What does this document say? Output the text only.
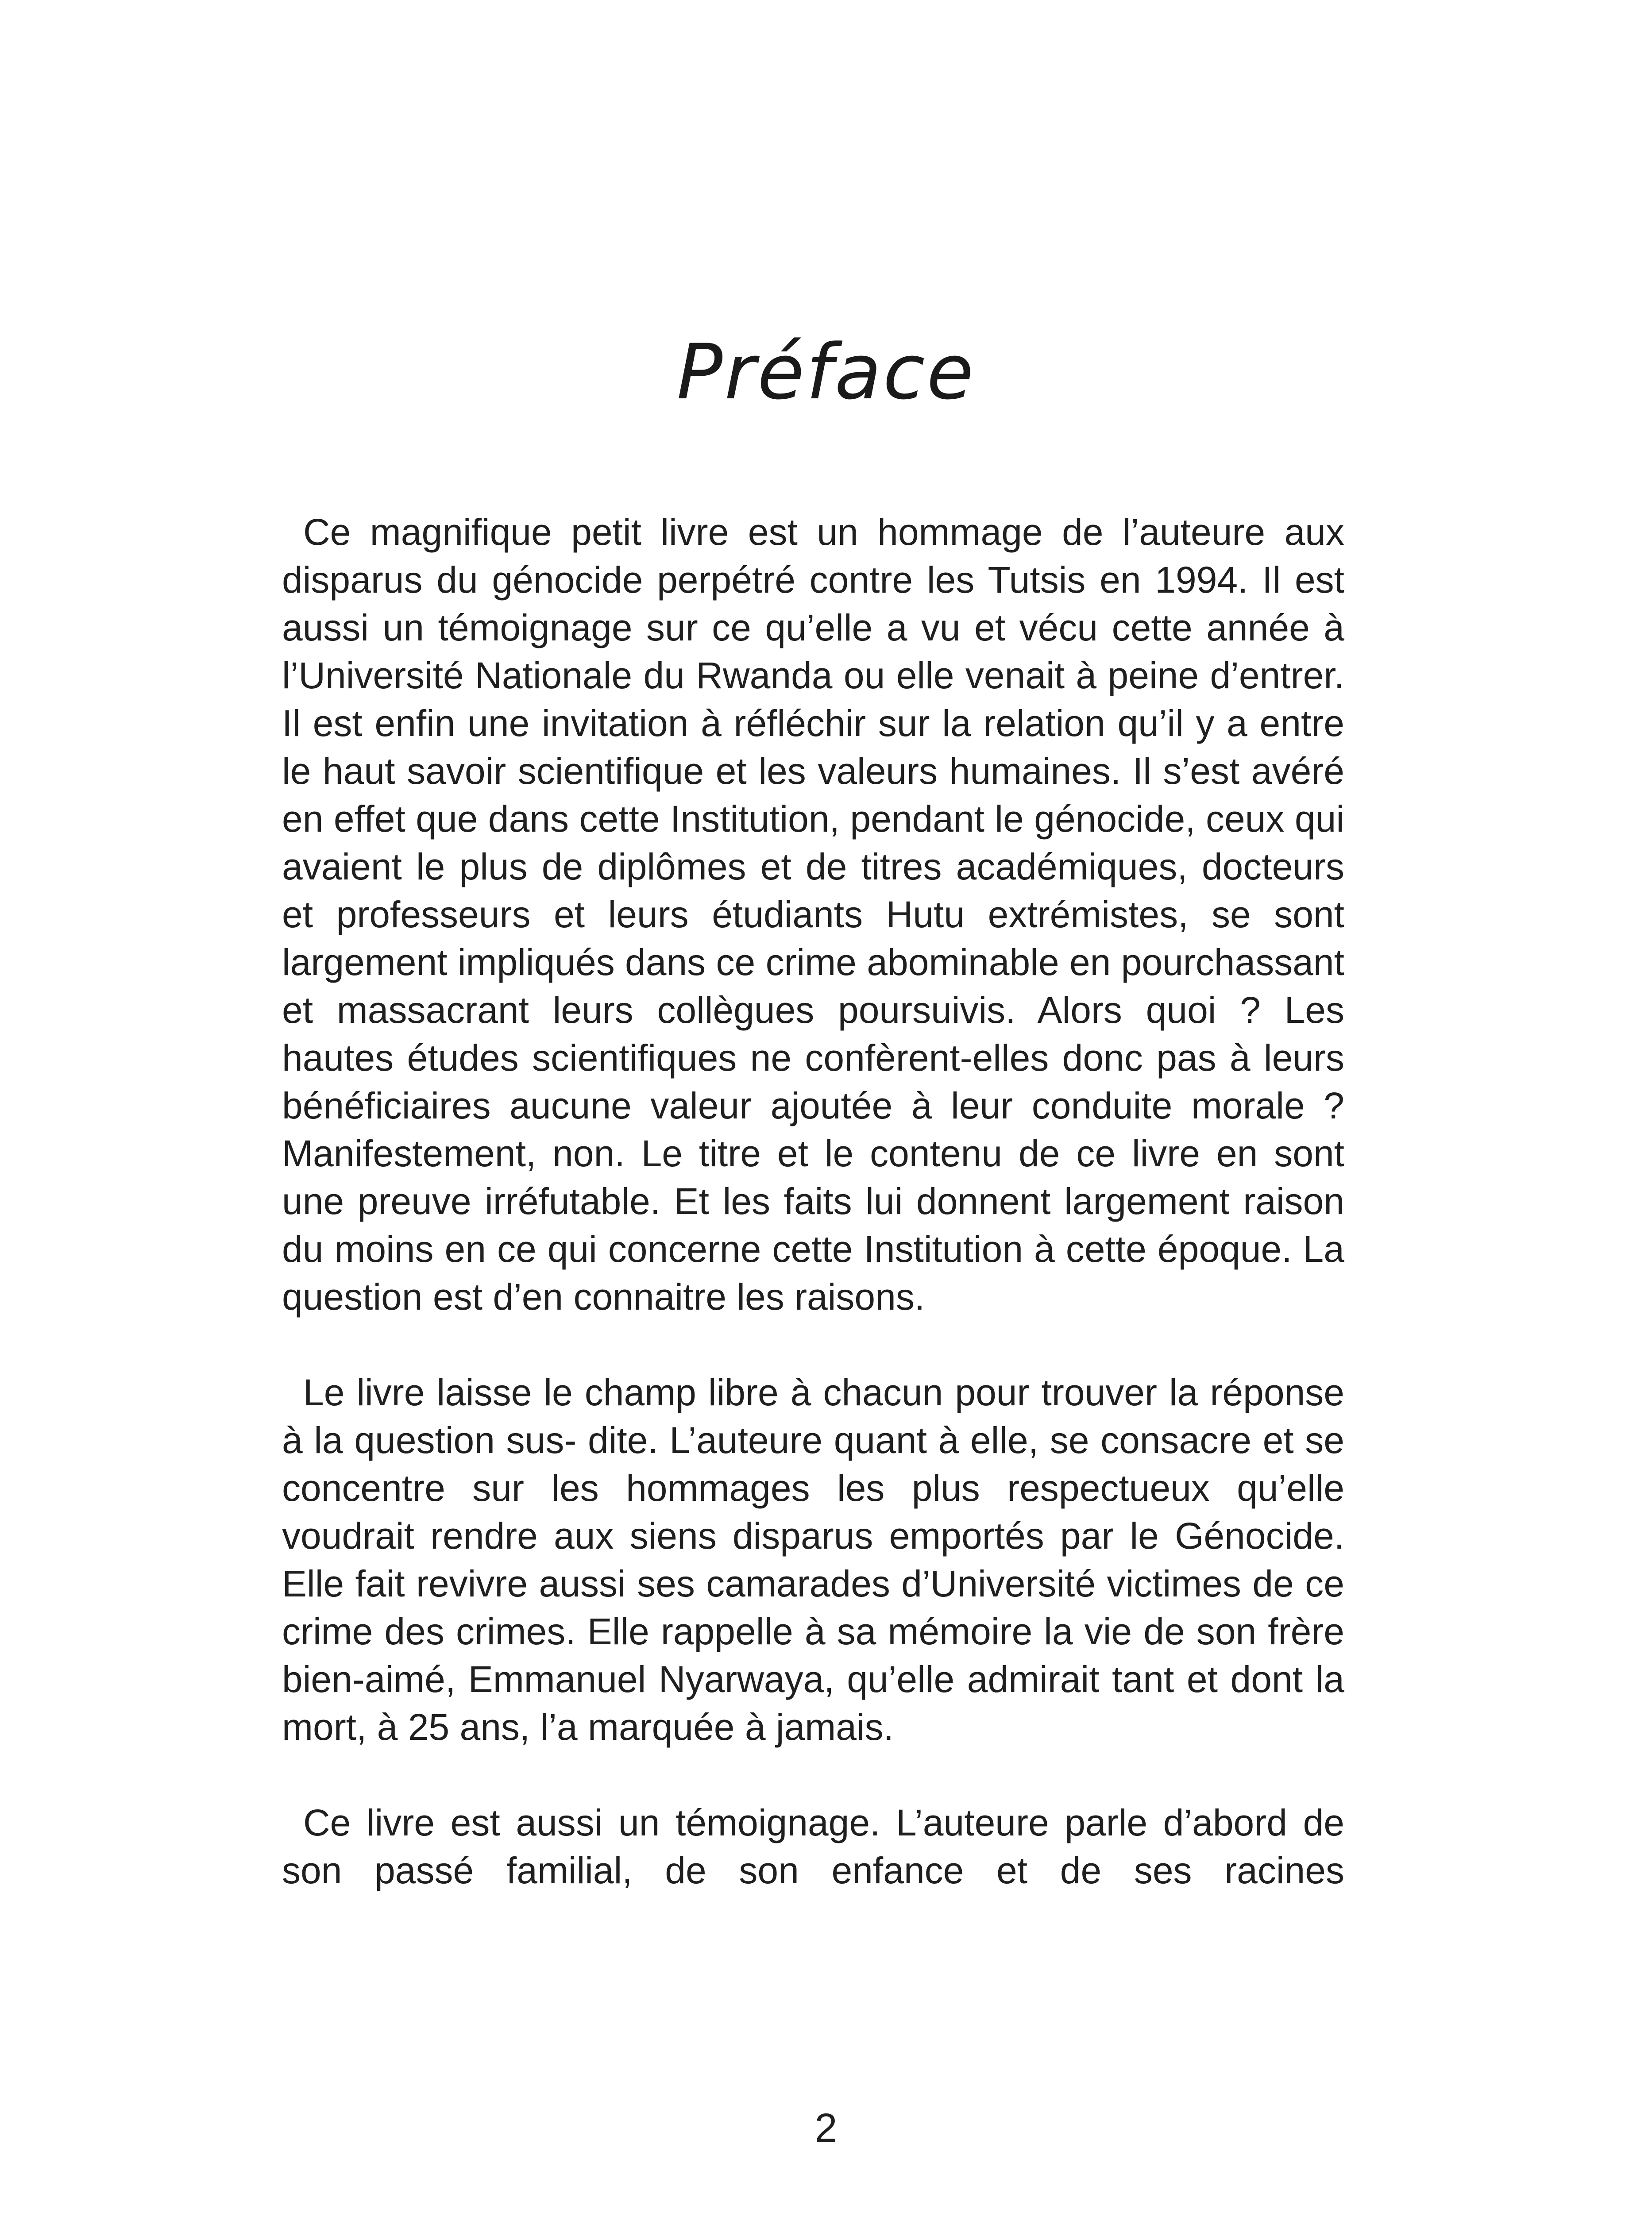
Préface

Ce magnifique petit livre est un hommage de l’auteure aux disparus du génocide perpétré contre les Tutsis en 1994. Il est aussi un témoignage sur ce qu’elle a vu et vécu cette année à l’Université Nationale du Rwanda ou elle venait à peine d’entrer. Il est enfin une invitation à réfléchir sur la relation qu’il y a entre le haut savoir scientifique et les valeurs humaines. Il s’est avéré en effet que dans cette Institution, pendant le génocide, ceux qui avaient le plus de diplômes et de titres académiques, docteurs et professeurs et leurs étudiants Hutu extrémistes, se sont largement impliqués dans ce crime abominable en pourchassant et massacrant leurs collègues poursuivis. Alors quoi ? Les hautes études scientifiques ne confèrent-elles donc pas à leurs bénéficiaires aucune valeur ajoutée à leur conduite morale ? Manifestement, non. Le titre et le contenu de ce livre en sont une preuve irréfutable. Et les faits lui donnent largement raison du moins en ce qui concerne cette Institution à cette époque. La question est d’en connaitre les raisons.

Le livre laisse le champ libre à chacun pour trouver la réponse à la question sus- dite. L’auteure quant à elle, se consacre et se concentre sur les hommages les plus respectueux qu’elle voudrait rendre aux siens disparus emportés par le Génocide. Elle fait revivre aussi ses camarades d’Université victimes de ce crime des crimes. Elle rappelle à sa mémoire la vie de son frère bien-aimé, Emmanuel Nyarwaya, qu’elle admirait tant et dont la mort, à 25 ans, l’a marquée à jamais.

Ce livre est aussi un témoignage. L’auteure parle d’abord de son passé familial, de son enfance et de ses racines

2
